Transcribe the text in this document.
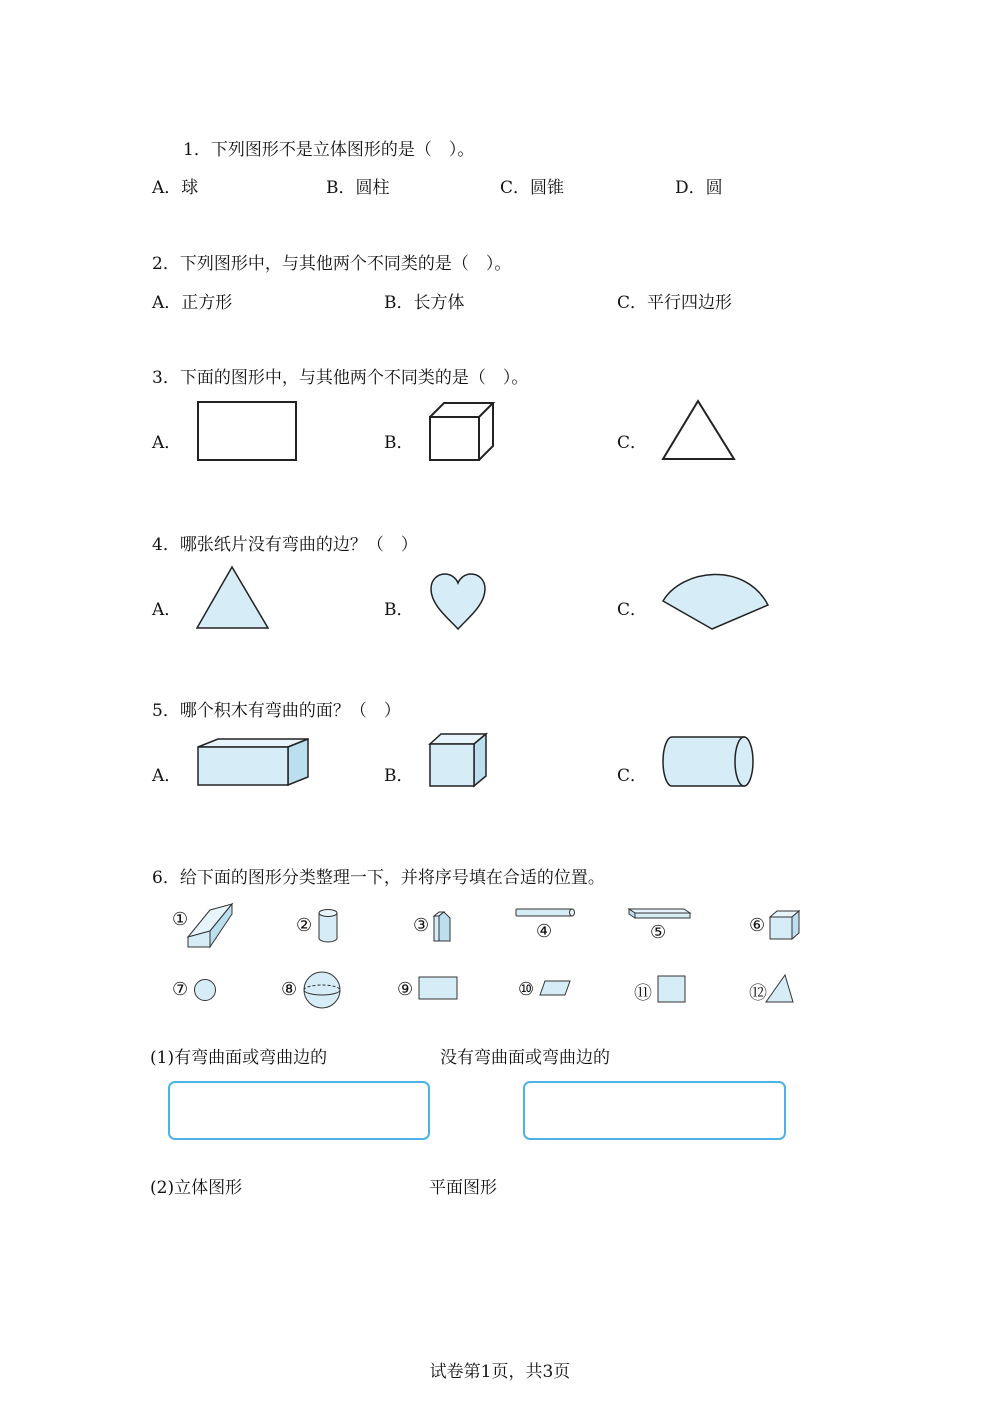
1．下列图形不是立体图形的是（　）。
A．球	B．圆柱	C．圆锥	D．圆
2．下列图形中，与其他两个不同类的是（　）。
A．正方形	B．长方体	C．平行四边形
3．下面的图形中，与其他两个不同类的是（　）。
A．	B．	C．
4．哪张纸片没有弯曲的边？（　）
A．	B．	C．
5．哪个积木有弯曲的面？（　）
A．	B．	C．
6．给下面的图形分类整理一下，并将序号填在合适的位置。
①	②	③	④	⑤	⑥
⑦	⑧	⑨	⑩	⑪	⑫
(1)有弯曲面或弯曲边的	没有弯曲面或弯曲边的
(2)立体图形	平面图形
试卷第1页，共3页
